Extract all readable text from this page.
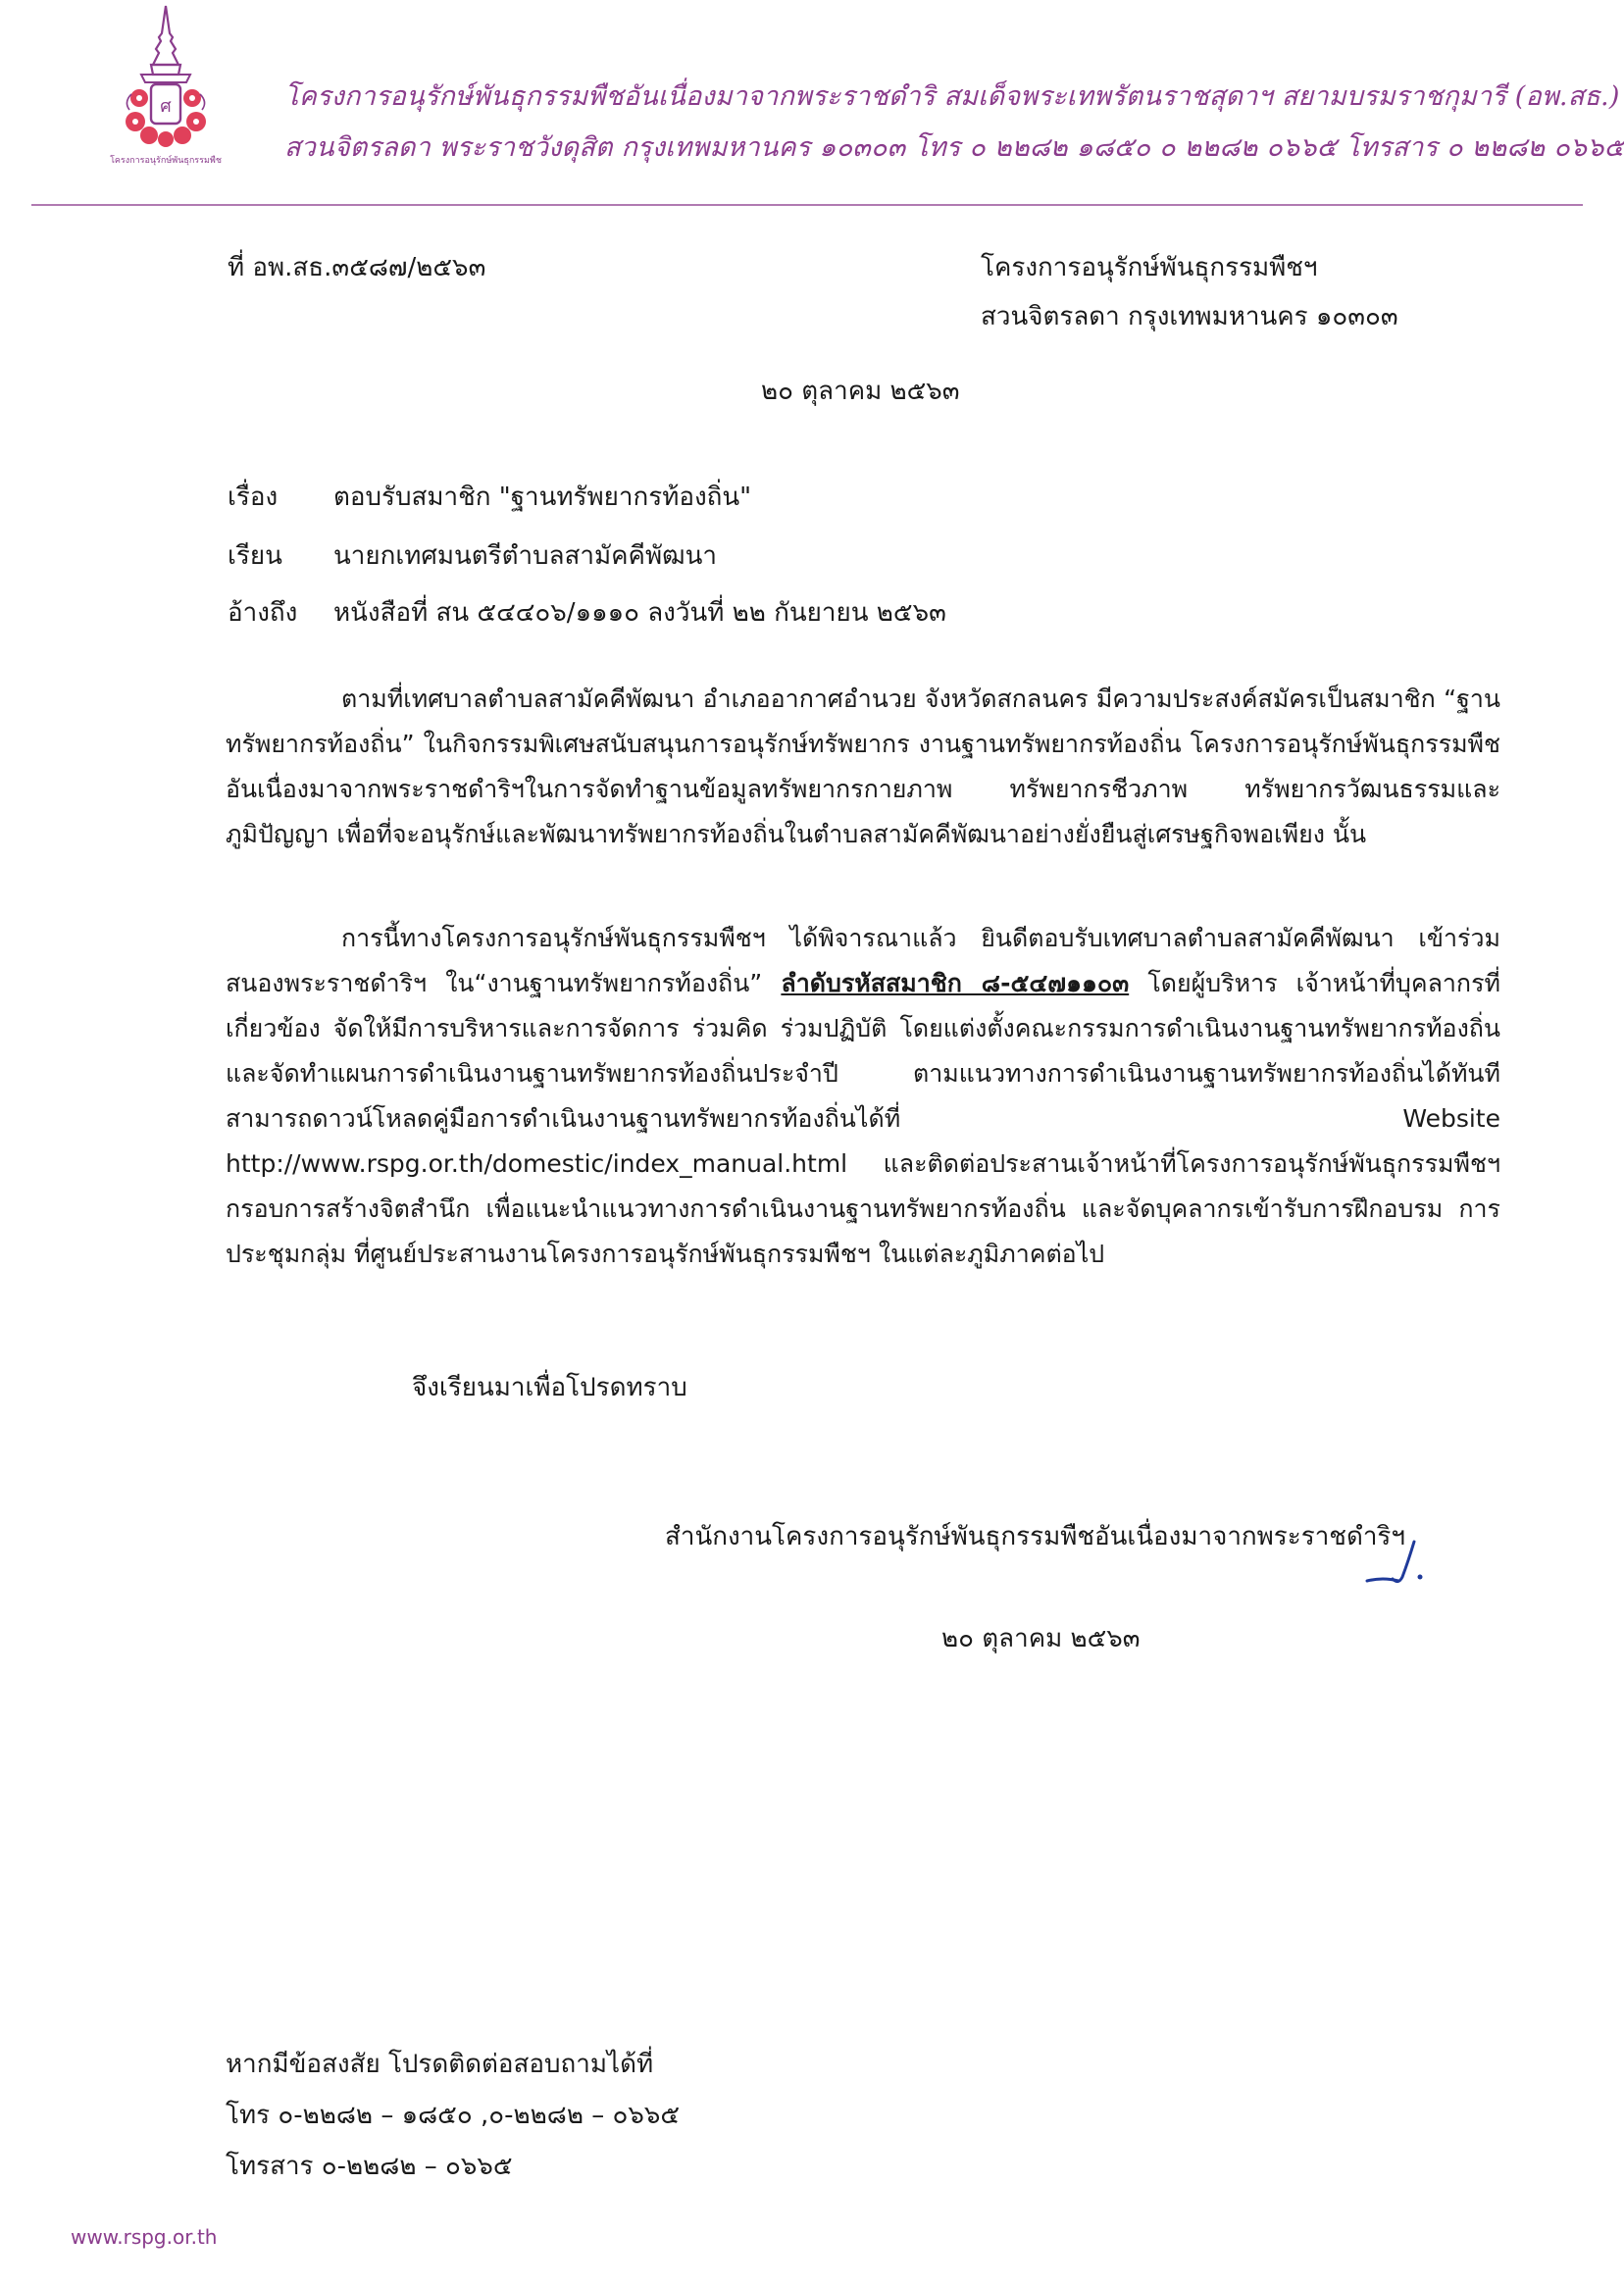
ศ
โครงการอนุรักษ์พันธุกรรมพืช
โครงการอนุรักษ์พันธุกรรมพืชอันเนื่องมาจากพระราชดำริ สมเด็จพระเทพรัตนราชสุดาฯ สยามบรมราชกุมารี (อพ.สธ.)
สวนจิตรลดา พระราชวังดุสิต กรุงเทพมหานคร ๑๐๓๐๓ โทร ๐ ๒๒๘๒ ๑๘๕๐ ๐ ๒๒๘๒ ๐๖๖๕ โทรสาร ๐ ๒๒๘๒ ๐๖๖๕
ที่ อพ.สธ.๓๕๘๗/๒๕๖๓	โครงการอนุรักษ์พันธุกรรมพืชฯ
สวนจิตรลดา กรุงเทพมหานคร ๑๐๓๐๓
๒๐ ตุลาคม ๒๕๖๓
เรื่อง ตอบรับสมาชิก "ฐานทรัพยากรท้องถิ่น"
เรียน นายกเทศมนตรีตำบลสามัคคีพัฒนา
อ้างถึง หนังสือที่ สน ๕๔๔๐๖/๑๑๑๐ ลงวันที่ ๒๒ กันยายน ๒๕๖๓

ตามที่เทศบาลตำบลสามัคคีพัฒนา อำเภออากาศอำนวย จังหวัดสกลนคร มีความประสงค์สมัครเป็นสมาชิก “ฐานทรัพยากรท้องถิ่น” ในกิจกรรมพิเศษสนับสนุนการอนุรักษ์ทรัพยากร งานฐานทรัพยากรท้องถิ่น โครงการอนุรักษ์พันธุกรรมพืชอันเนื่องมาจากพระราชดำริฯในการจัดทำฐานข้อมูลทรัพยากรกายภาพ ทรัพยากรชีวภาพ ทรัพยากรวัฒนธรรมและภูมิปัญญา เพื่อที่จะอนุรักษ์และพัฒนาทรัพยากรท้องถิ่นในตำบลสามัคคีพัฒนาอย่างยั่งยืนสู่เศรษฐกิจพอเพียง นั้น

การนี้ทางโครงการอนุรักษ์พันธุกรรมพืชฯ ได้พิจารณาแล้ว ยินดีตอบรับเทศบาลตำบลสามัคคีพัฒนา เข้าร่วมสนองพระราชดำริฯ ใน“งานฐานทรัพยากรท้องถิ่น” ลำดับรหัสสมาชิก ๘-๕๔๗๑๑๐๓ โดยผู้บริหาร เจ้าหน้าที่บุคลากรที่เกี่ยวข้อง จัดให้มีการบริหารและการจัดการ ร่วมคิด ร่วมปฏิบัติ โดยแต่งตั้งคณะกรรมการดำเนินงานฐานทรัพยากรท้องถิ่น และจัดทำแผนการดำเนินงานฐานทรัพยากรท้องถิ่นประจำปี ตามแนวทางการดำเนินงานฐานทรัพยากรท้องถิ่นได้ทันที สามารถดาวน์โหลดคู่มือการดำเนินงานฐานทรัพยากรท้องถิ่นได้ที่ Website http://www.rspg.or.th/domestic/index_manual.html และติดต่อประสานเจ้าหน้าที่โครงการอนุรักษ์พันธุกรรมพืชฯ กรอบการสร้างจิตสำนึก เพื่อแนะนำแนวทางการดำเนินงานฐานทรัพยากรท้องถิ่น และจัดบุคลากรเข้ารับการฝึกอบรม การประชุมกลุ่ม ที่ศูนย์ประสานงานโครงการอนุรักษ์พันธุกรรมพืชฯ ในแต่ละภูมิภาคต่อไป

จึงเรียนมาเพื่อโปรดทราบ
สำนักงานโครงการอนุรักษ์พันธุกรรมพืชอันเนื่องมาจากพระราชดำริฯ
๒๐ ตุลาคม ๒๕๖๓
หากมีข้อสงสัย โปรดติดต่อสอบถามได้ที่
โทร ๐-๒๒๘๒ – ๑๘๕๐ ,๐-๒๒๘๒ – ๐๖๖๕
โทรสาร ๐-๒๒๘๒ – ๐๖๖๕
www.rspg.or.th
